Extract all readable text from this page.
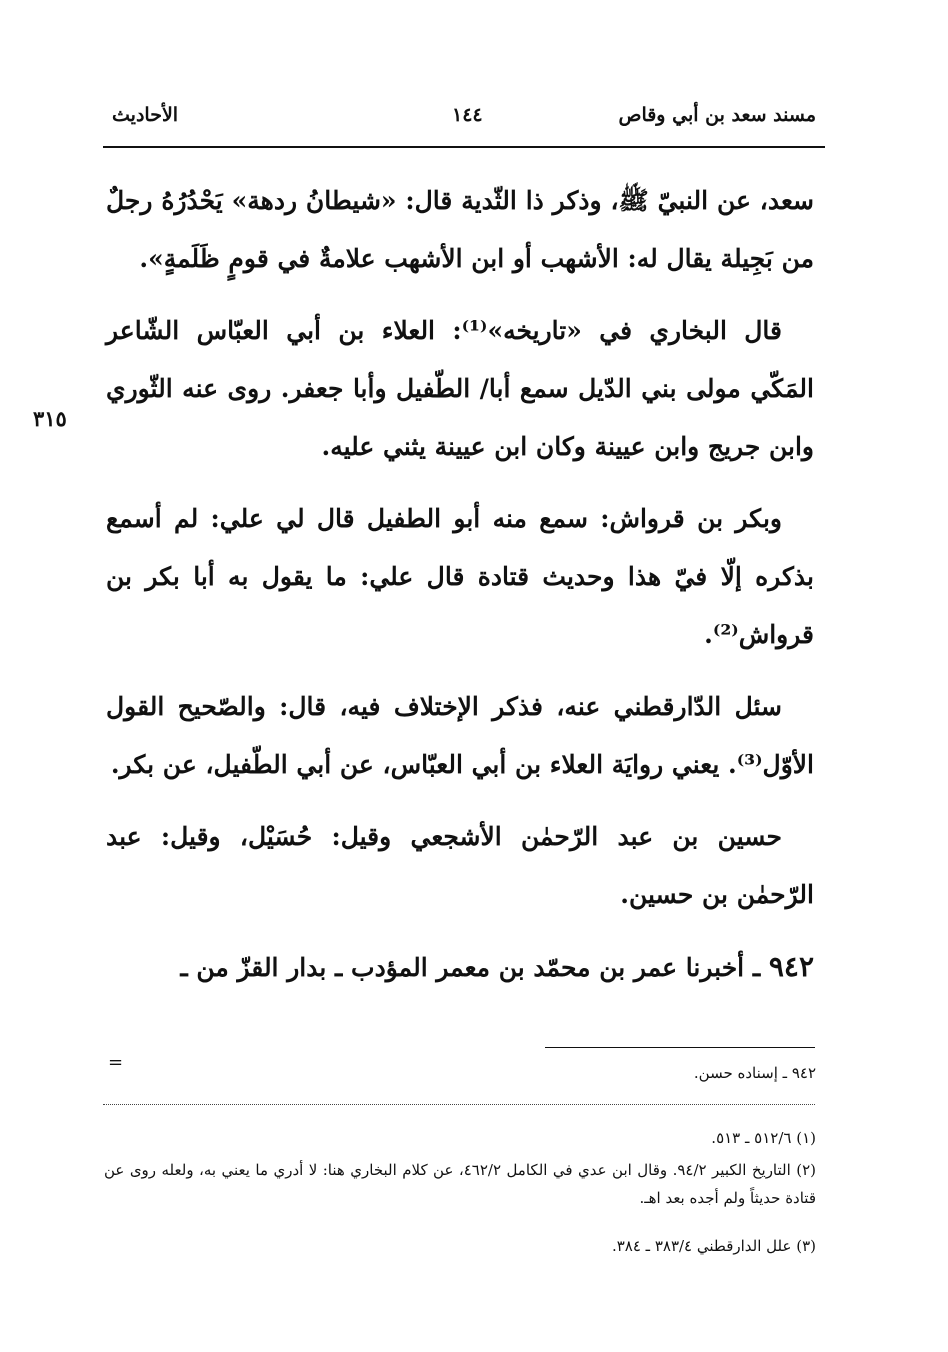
مسند سعد بن أبي وقاص
١٤٤
الأحاديث
٣١٥

سعد، عن النبيّ ﷺ، وذكر ذا الثّدية قال: «شيطانُ ردهة» يَحْدُرُهُ رجلٌ من بَجِيلة يقال له: الأشهب أو ابن الأشهب علامةٌ في قومٍ ظَلَمةٍ».

قال البخاري في «تاريخه»⁽¹⁾: العلاء بن أبي العبّاس الشّاعر المَكّي مولى بني الدّيل سمع أبا/ الطّفيل وأبا جعفر. روى عنه الثّوري وابن جريج وابن عيينة وكان ابن عيينة يثني عليه.

وبكر بن قرواش: سمع منه أبو الطفيل قال لي علي: لم أسمع بذكره إلّا فيّ هذا وحديث قتادة قال علي: ما يقول به أبا بكر بن قرواش⁽²⁾.

سئل الدّارقطني عنه، فذكر الإختلاف فيه، قال: والصّحيح القول الأوّل⁽³⁾. يعني روايَة العلاء بن أبي العبّاس، عن أبي الطّفيل، عن بكر.

حسين بن عبد الرّحمٰن الأشجعي وقيل: حُسَيْل، وقيل: عبد الرّحمٰن بن حسين.

٩٤٢ ـ أخبرنا عمر بن محمّد بن معمر المؤدب ـ بدار القزّ من ـ

٩٤٢ ـ إسناده حسن.
=
(١) ٥١٢/٦ ـ ٥١٣.
(٢) التاريخ الكبير ٩٤/٢. وقال ابن عدي في الكامل ٤٦٢/٢، عن كلام البخاري هنا: لا أدري ما يعني به، ولعله روى عن قتادة حديثاً ولم أجده بعد اهـ.
(٣) علل الدارقطني ٣٨٣/٤ ـ ٣٨٤.
